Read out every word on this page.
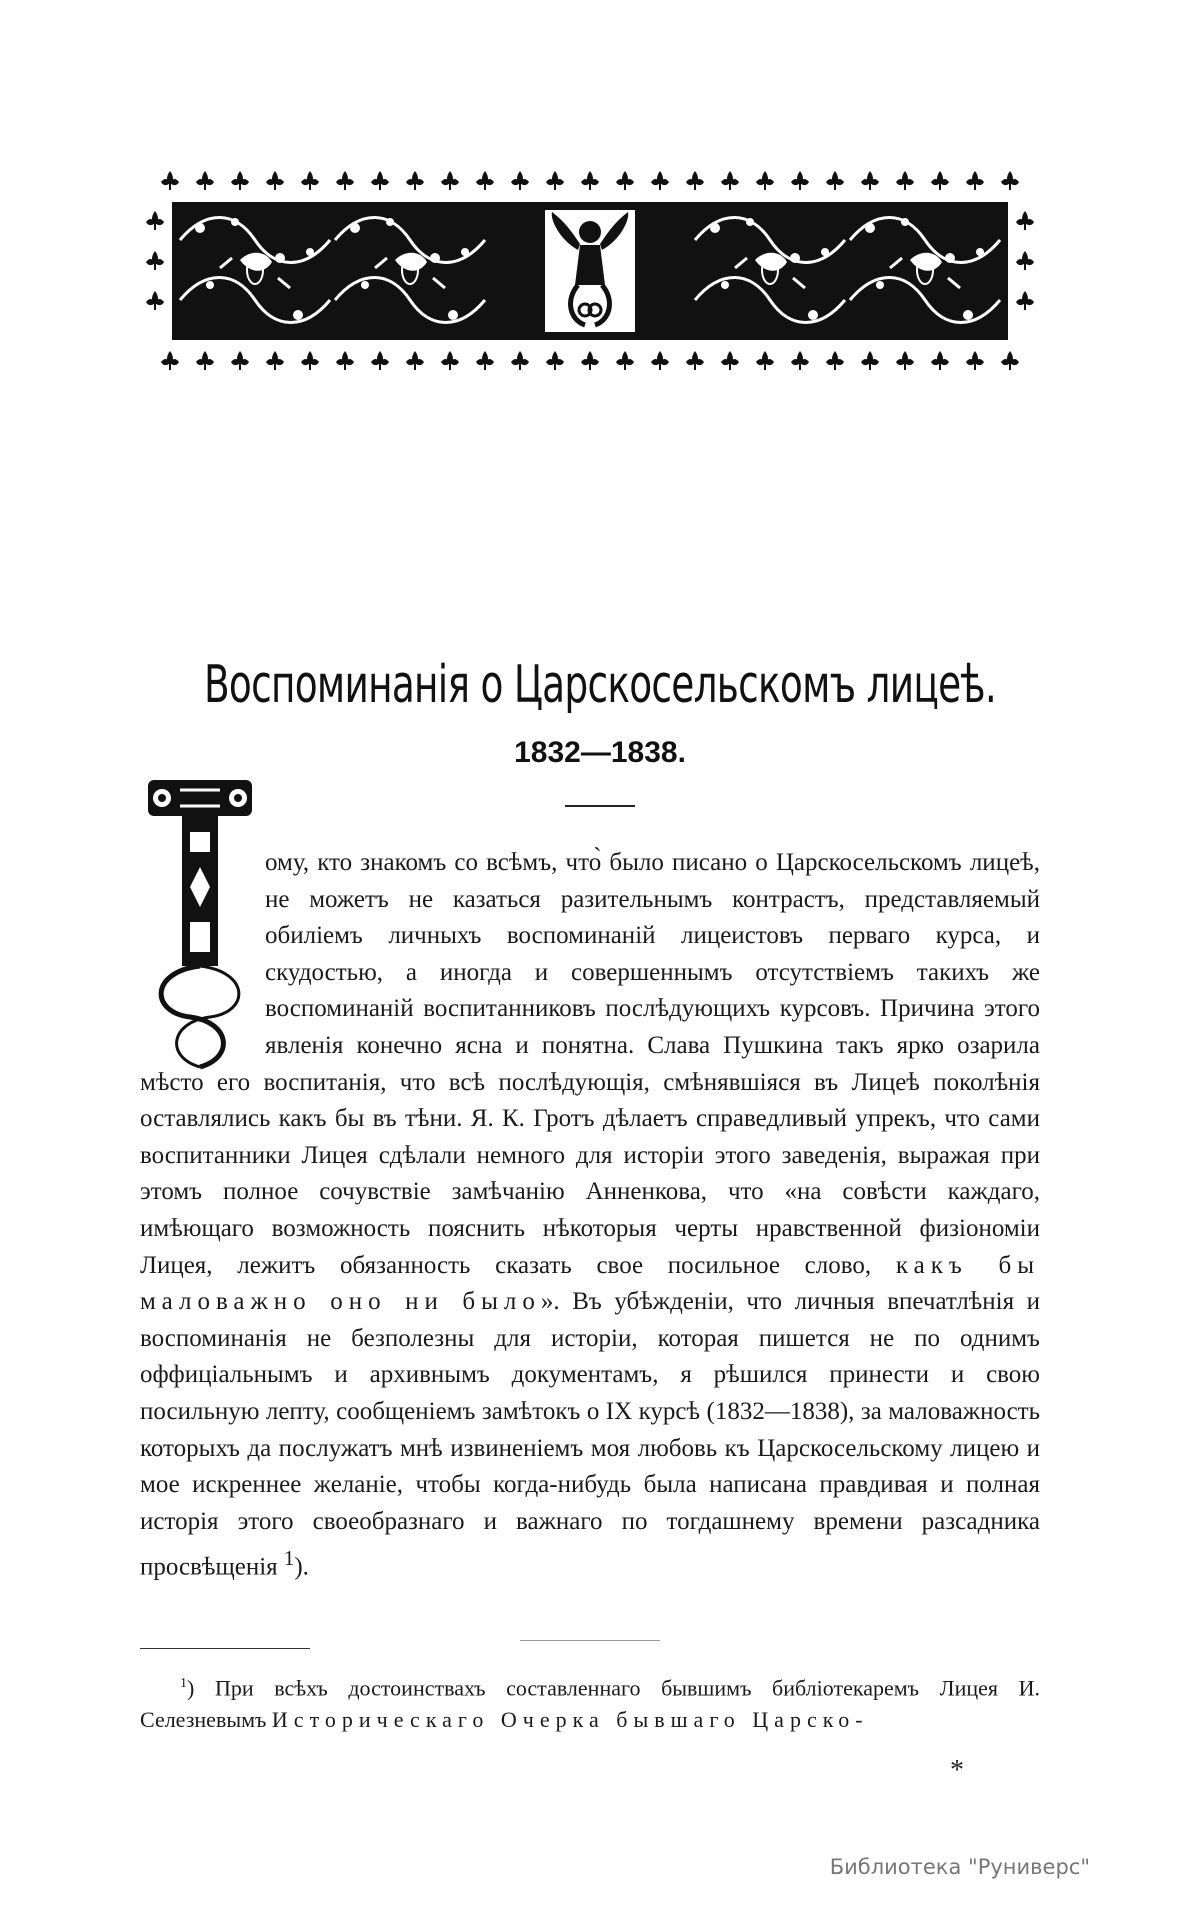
Воспоминанія о Царскосельскомъ лицеѣ.
1832—1838.

ому, кто знакомъ со всѣмъ, что̀ было писано о Царскосельскомъ лицеѣ, не можетъ не казаться разительнымъ контрастъ, представляемый обиліемъ личныхъ воспоминаній лицеистовъ перваго курса, и скудостью, а иногда и совершеннымъ отсутствіемъ такихъ же воспоминаній воспитанниковъ послѣдующихъ курсовъ. Причина этого явленія конечно ясна и понятна. Слава Пушкина такъ ярко озарила мѣсто его воспитанія, что всѣ послѣдующія, смѣнявшіяся въ Лицеѣ поколѣнія оставлялись какъ бы въ тѣни. Я. К. Гротъ дѣлаетъ справедливый упрекъ, что сами воспитанники Лицея сдѣлали немного для исторіи этого заведенія, выражая при этомъ полное сочувствіе замѣчанію Анненкова, что «на совѣсти каждаго, имѣющаго возможность пояснить нѣкоторыя черты нравственной физіономіи Лицея, лежитъ обязанность сказать свое посильное слово, какъ бы маловажно оно ни было». Въ убѣжденіи, что личныя впечатлѣнія и воспоминанія не безполезны для исторіи, которая пишется не по однимъ оффиціальнымъ и архивнымъ документамъ, я рѣшился принести и свою посильную лепту, сообщеніемъ замѣтокъ о IX курсѣ (1832—1838), за маловажность которыхъ да послужатъ мнѣ извиненіемъ моя любовь къ Царскосельскому лицею и мое искреннее желаніе, чтобы когда-нибудь была написана правдивая и полная исторія этого своеобразнаго и важнаго по тогдашнему времени разсадника просвѣщенія $^1$).

$^1$) При всѣхъ достоинствахъ составленнаго бывшимъ библіотекаремъ Лицея И. Селезневымъ Историческаго Очерка бывшаго Царско-

*
Библиотека "Руниверс"
